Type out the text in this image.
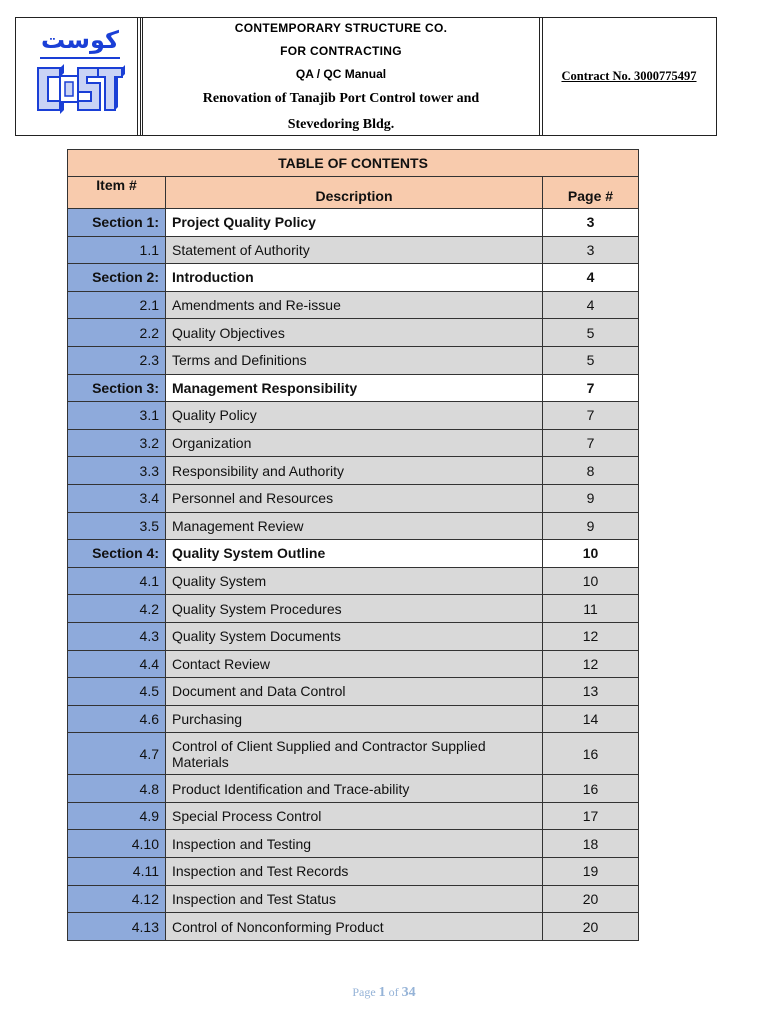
كوست	CONTEMPORARY STRUCTURE CO.
FOR CONTRACTING
QA / QC Manual
Renovation of Tanajib Port Control tower and
Stevedoring Bldg.
Contract No. 3000775497
TABLE OF CONTENTS		
Item #	Description	Page #
Section 1:	Project Quality Policy	3
1.1	Statement of Authority	3
Section 2:	Introduction	4
2.1	Amendments and Re-issue	4
2.2	Quality Objectives	5
2.3	Terms and Definitions	5
Section 3:	Management Responsibility	7
3.1	Quality Policy	7
3.2	Organization	7
3.3	Responsibility and Authority	8
3.4	Personnel and Resources	9
3.5	Management Review	9
Section 4:	Quality System Outline	10
4.1	Quality System	10
4.2	Quality System Procedures	11
4.3	Quality System Documents	12
4.4	Contact Review	12
4.5	Document and Data Control	13
4.6	Purchasing	14
4.7	Control of Client Supplied and Contractor Supplied Materials	16
4.8	Product Identification and Trace-ability	16
4.9	Special Process Control	17
4.10	Inspection and Testing	18
4.11	Inspection and Test Records	19
4.12	Inspection and Test Status	20
4.13	Control of Nonconforming Product	20
Page 1 of 34
